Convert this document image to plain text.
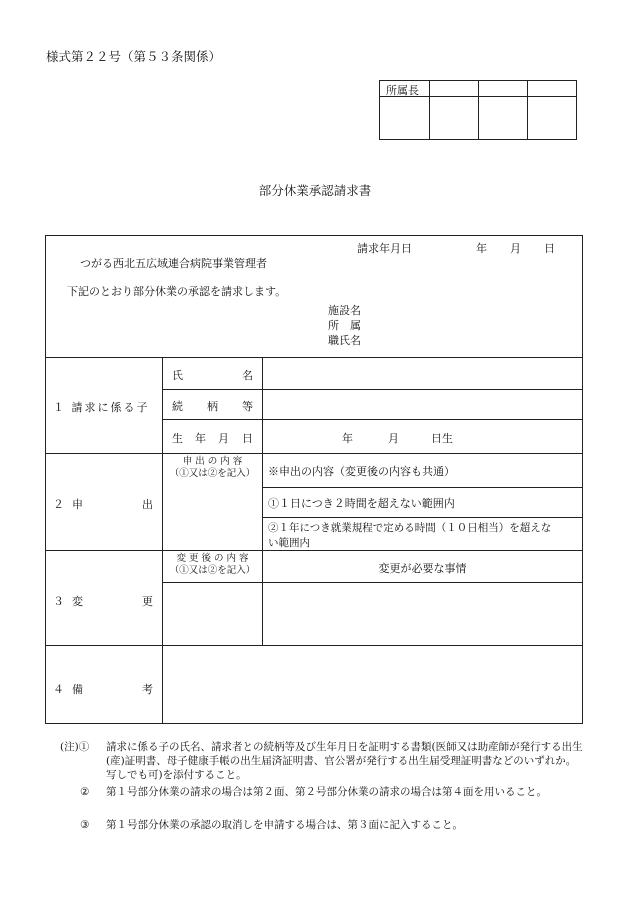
様式第２２号（第５３条関係）
所属長
部分休業承認請求書
請求年月日	年 月 日
つがる西北五広域連合病院事業管理者
下記のとおり部分休業の承認を請求します。
施設名
所 属
職氏名
１ 請求に係る子
氏	名
続 柄 等
生 年 月 日	年	月	日生
２ 申	出
申 出 の 内 容
（①又は②を記入）	※申出の内容（変更後の内容も共通）
①１日につき２時間を超えない範囲内
②１年につき就業規程で定める時間（１０日相当）を超えな
い範囲内
３ 変	更
変 更 後 の 内 容
（①又は②を記入）	変更が必要な事情
４ 備	考
(注)① 請求に係る子の氏名、請求者との続柄等及び生年月日を証明する書類(医師又は助産師が発行する出生(産)証明書、母子健康手帳の出生届済証明書、官公署が発行する出生届受理証明書などのいずれか。写しでも可)を添付すること。
② 第１号部分休業の請求の場合は第２面、第２号部分休業の請求の場合は第４面を用いること。
③ 第１号部分休業の承認の取消しを申請する場合は、第３面に記入すること。
